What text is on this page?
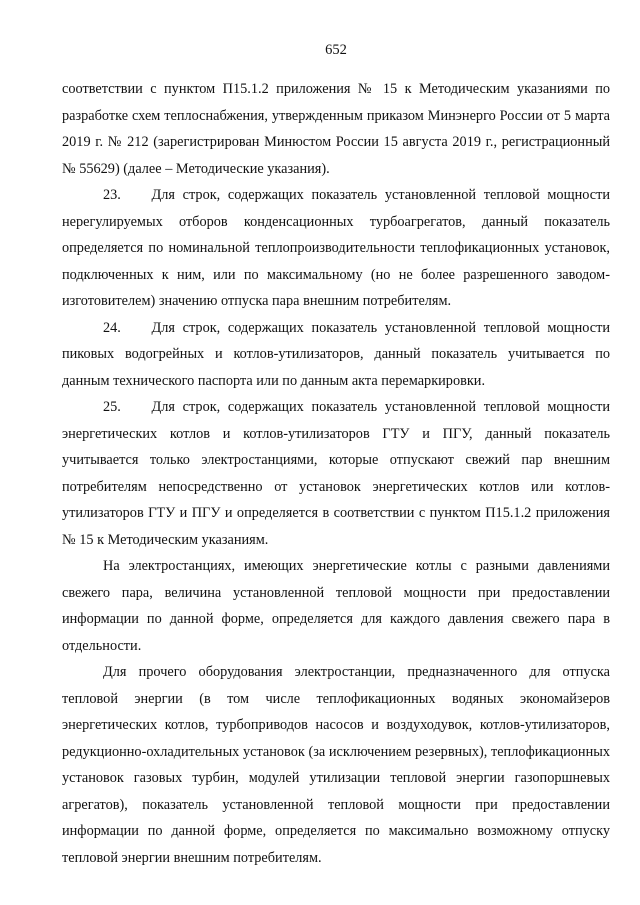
652

соответствии с пунктом П15.1.2 приложения № 15 к Методическим указаниями по разработке схем теплоснабжения, утвержденным приказом Минэнерго России от 5 марта 2019 г. № 212 (зарегистрирован Минюстом России 15 августа 2019 г., регистрационный № 55629) (далее – Методические указания).

23.    Для строк, содержащих показатель установленной тепловой мощности нерегулируемых отборов конденсационных турбоагрегатов, данный показатель определяется по номинальной теплопроизводительности теплофикационных установок, подключенных к ним, или по максимальному (но не более разрешенного заводом-изготовителем) значению отпуска пара внешним потребителям.

24.    Для строк, содержащих показатель установленной тепловой мощности пиковых водогрейных и котлов-утилизаторов, данный показатель учитывается по данным технического паспорта или по данным акта перемаркировки.

25.    Для строк, содержащих показатель установленной тепловой мощности энергетических котлов и котлов-утилизаторов ГТУ и ПГУ, данный показатель учитывается только электростанциями, которые отпускают свежий пар внешним потребителям непосредственно от установок энергетических котлов или котлов-утилизаторов ГТУ и ПГУ и определяется в соответствии с пунктом П15.1.2 приложения № 15 к Методическим указаниям.

На электростанциях, имеющих энергетические котлы с разными давлениями свежего пара, величина установленной тепловой мощности при предоставлении информации по данной форме, определяется для каждого давления свежего пара в отдельности.

Для прочего оборудования электростанции, предназначенного для отпуска тепловой энергии (в том числе теплофикационных водяных экономайзеров энергетических котлов, турбоприводов насосов и воздуходувок, котлов-утилизаторов, редукционно-охладительных установок (за исключением резервных), теплофикационных установок газовых турбин, модулей утилизации тепловой энергии газопоршневых агрегатов), показатель установленной тепловой мощности при предоставлении информации по данной форме, определяется по максимально возможному отпуску тепловой энергии внешним потребителям.
